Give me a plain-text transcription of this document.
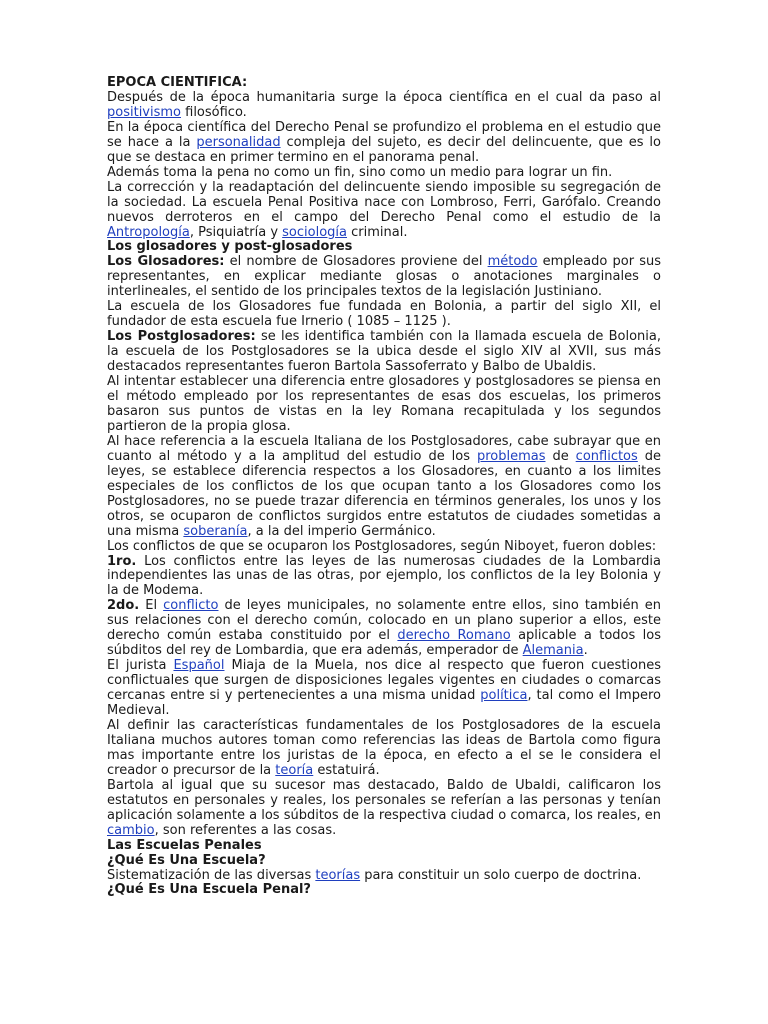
EPOCA CIENTIFICA:

Después de la época humanitaria surge la época científica en el cual da paso al positivismo filosófico.

En la época científica del Derecho Penal se profundizo el problema en el estudio que se hace a la personalidad compleja del sujeto, es decir del delincuente, que es lo que se destaca en primer termino en el panorama penal.

Además toma la pena no como un fin, sino como un medio para lograr un fin.

La corrección y la readaptación del delincuente siendo imposible su segregación de la sociedad. La escuela Penal Positiva nace con Lombroso, Ferri, Garófalo. Creando nuevos derroteros en el campo del Derecho Penal como el estudio de la Antropología, Psiquiatría y sociología criminal.

Los glosadores y post-glosadores

Los Glosadores: el nombre de Glosadores proviene del método empleado por sus representantes, en explicar mediante glosas o anotaciones marginales o interlineales, el sentido de los principales textos de la legislación Justiniano.

La escuela de los Glosadores fue fundada en Bolonia, a partir del siglo XII, el fundador de esta escuela fue Irnerio ( 1085 – 1125 ).

Los Postglosadores: se les identifica también con la llamada escuela de Bolonia, la escuela de los Postglosadores se la ubica desde el siglo XIV al XVII, sus más destacados representantes fueron Bartola Sassoferrato y Balbo de Ubaldis.

Al intentar establecer una diferencia entre glosadores y postglosadores se piensa en el método empleado por los representantes de esas dos escuelas, los primeros basaron sus puntos de vistas en la ley Romana recapitulada y los segundos partieron de la propia glosa.

Al hace referencia a la escuela Italiana de los Postglosadores, cabe subrayar que en cuanto al método y a la amplitud del estudio de los problemas de conflictos de leyes, se establece diferencia respectos a los Glosadores, en cuanto a los limites especiales de los conflictos de los que ocupan tanto a los Glosadores como los Postglosadores, no se puede trazar diferencia en términos generales, los unos y los otros, se ocuparon de conflictos surgidos entre estatutos de ciudades sometidas a una misma soberanía, a la del imperio Germánico.

Los conflictos de que se ocuparon los Postglosadores, según Niboyet, fueron dobles:

1ro. Los conflictos entre las leyes de las numerosas ciudades de la Lombardia independientes las unas de las otras, por ejemplo, los conflictos de la ley Bolonia y la de Modema.

2do. El conflicto de leyes municipales, no solamente entre ellos, sino también en sus relaciones con el derecho común, colocado en un plano superior a ellos, este derecho común estaba constituido por el derecho Romano aplicable a todos los súbditos del rey de Lombardia, que era además, emperador de Alemania.

El jurista Español Miaja de la Muela, nos dice al respecto que fueron cuestiones conflictuales que surgen de disposiciones legales vigentes en ciudades o comarcas cercanas entre si y pertenecientes a una misma unidad política, tal como el Impero Medieval.

Al definir las características fundamentales de los Postglosadores de la escuela Italiana muchos autores toman como referencias las ideas de Bartola como figura mas importante entre los juristas de la época, en efecto a el se le considera el creador o precursor de la teoría estatuirá.

Bartola al igual que su sucesor mas destacado, Baldo de Ubaldi, calificaron los estatutos en personales y reales, los personales se referían a las personas y tenían aplicación solamente a los súbditos de la respectiva ciudad o comarca, los reales, en cambio, son referentes a las cosas.

Las Escuelas Penales

¿Qué Es Una Escuela?

Sistematización de las diversas teorías para constituir un solo cuerpo de doctrina.

¿Qué Es Una Escuela Penal?
